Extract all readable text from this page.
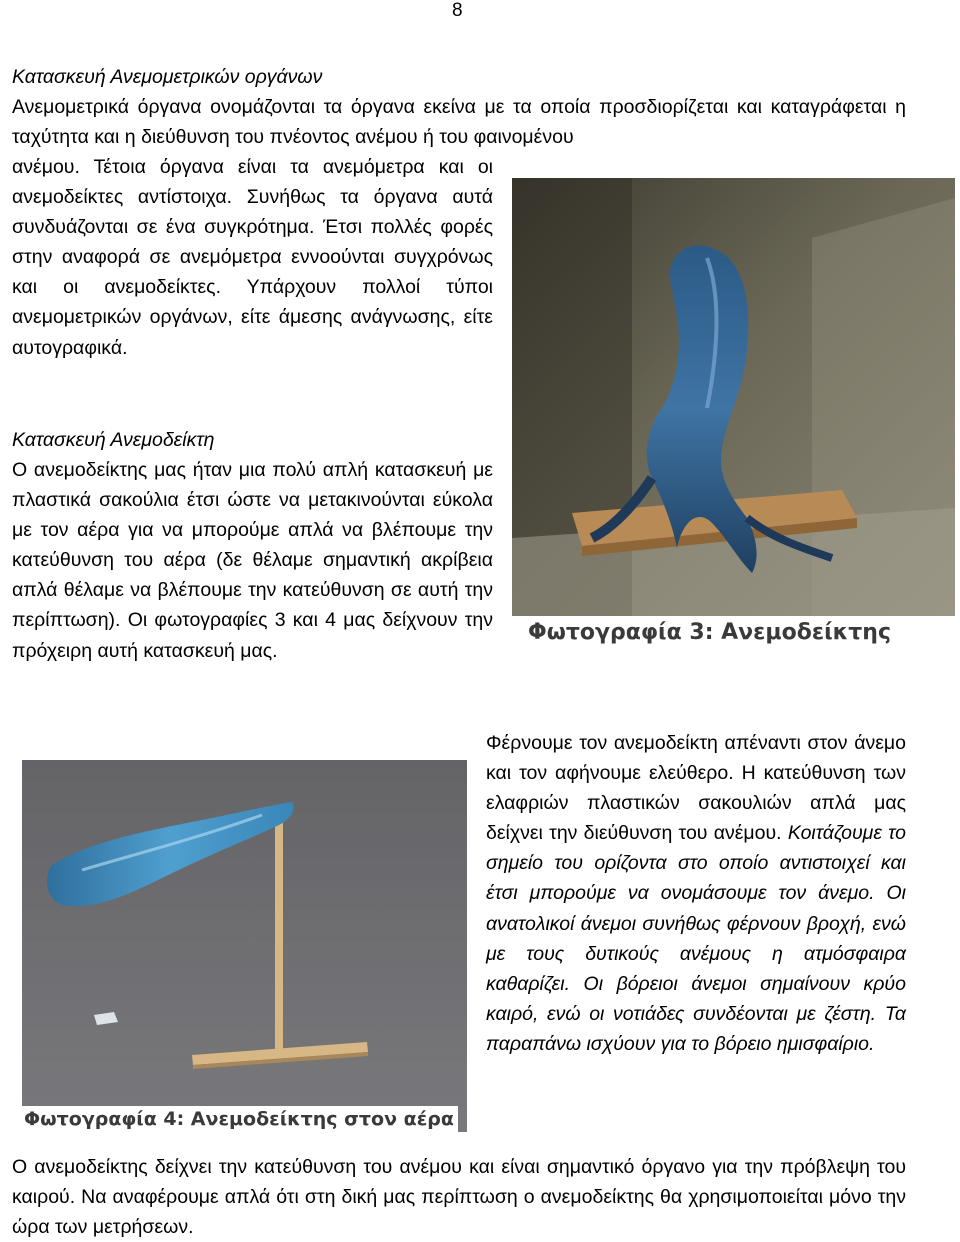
8

Κατασκευή Ανεμομετρικών οργάνων

Ανεμομετρικά όργανα ονομάζονται τα όργανα εκείνα με τα οποία προσδιορίζεται και καταγράφεται η ταχύτητα και η διεύθυνση του πνέοντος ανέμου ή του φαινομένου

ανέμου. Τέτοια όργανα είναι τα ανεμόμετρα και οι ανεμοδείκτες αντίστοιχα. Συνήθως τα όργανα αυτά συνδυάζονται σε ένα συγκρότημα. Έτσι πολλές φορές στην αναφορά σε ανεμόμετρα εννοούνται συγχρόνως και οι ανεμοδείκτες. Υπάρχουν πολλοί τύποι ανεμομετρικών οργάνων, είτε άμεσης ανάγνωσης, είτε αυτογραφικά.

Φωτογραφία 3: Ανεμοδείκτης

Κατασκευή Ανεμοδείκτη

Ο ανεμοδείκτης μας ήταν μια πολύ απλή κατασκευή με πλαστικά σακούλια έτσι ώστε να μετακινούνται εύκολα με τον αέρα για να μπορούμε απλά να βλέπουμε την κατεύθυνση του αέρα (δε θέλαμε σημαντική ακρίβεια απλά θέλαμε να βλέπουμε την κατεύθυνση σε αυτή την περίπτωση). Οι φωτογραφίες 3 και 4 μας δείχνουν την πρόχειρη αυτή κατασκευή μας.

Φωτογραφία 4: Ανεμοδείκτης στον αέρα

Φέρνουμε τον ανεμοδείκτη απέναντι στον άνεμο και τον αφήνουμε ελεύθερο. Η κατεύθυνση των ελαφριών πλαστικών σακουλιών απλά μας δείχνει την διεύθυνση του ανέμου. Κοιτάζουμε το σημείο του ορίζοντα στο οποίο αντιστοιχεί και έτσι μπορούμε να ονομάσουμε τον άνεμο. Οι ανατολικοί άνεμοι συνήθως φέρνουν βροχή, ενώ με τους δυτικούς ανέμους η ατμόσφαιρα καθαρίζει. Οι βόρειοι άνεμοι σημαίνουν κρύο καιρό, ενώ οι νοτιάδες συνδέονται με ζέστη. Τα παραπάνω ισχύουν για το βόρειο ημισφαίριο.

Ο ανεμοδείκτης δείχνει την κατεύθυνση του ανέμου και είναι σημαντικό όργανο για την πρόβλεψη του καιρού. Να αναφέρουμε απλά ότι στη δική μας περίπτωση ο ανεμοδείκτης θα χρησιμοποιείται μόνο την ώρα των μετρήσεων.
